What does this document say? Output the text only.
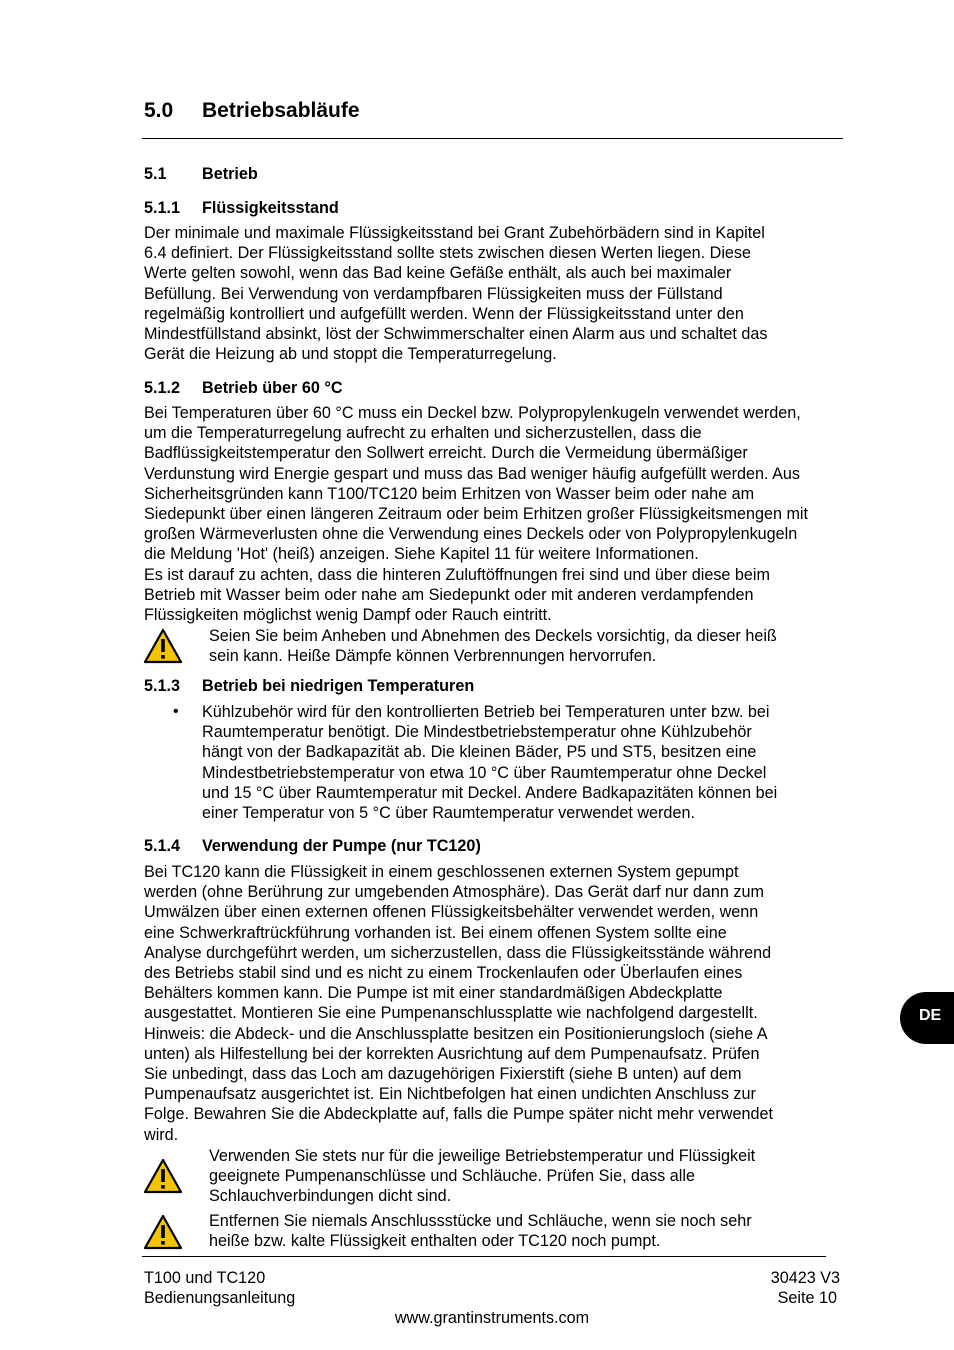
5.0 Betriebsabläufe
5.1 Betrieb
5.1.1 Flüssigkeitsstand
Der minimale und maximale Flüssigkeitsstand bei Grant Zubehörbädern sind in Kapitel
6.4 definiert. Der Flüssigkeitsstand sollte stets zwischen diesen Werten liegen. Diese
Werte gelten sowohl, wenn das Bad keine Gefäße enthält, als auch bei maximaler
Befüllung. Bei Verwendung von verdampfbaren Flüssigkeiten muss der Füllstand
regelmäßig kontrolliert und aufgefüllt werden. Wenn der Flüssigkeitsstand unter den
Mindestfüllstand absinkt, löst der Schwimmerschalter einen Alarm aus und schaltet das
Gerät die Heizung ab und stoppt die Temperaturregelung.
5.1.2 Betrieb über 60 °C
Bei Temperaturen über 60 °C muss ein Deckel bzw. Polypropylenkugeln verwendet werden,
um die Temperaturregelung aufrecht zu erhalten und sicherzustellen, dass die
Badflüssigkeitstemperatur den Sollwert erreicht. Durch die Vermeidung übermäßiger
Verdunstung wird Energie gespart und muss das Bad weniger häufig aufgefüllt werden. Aus
Sicherheitsgründen kann T100/TC120 beim Erhitzen von Wasser beim oder nahe am
Siedepunkt über einen längeren Zeitraum oder beim Erhitzen großer Flüssigkeitsmengen mit
großen Wärmeverlusten ohne die Verwendung eines Deckels oder von Polypropylenkugeln
die Meldung 'Hot' (heiß) anzeigen. Siehe Kapitel 11 für weitere Informationen.
Es ist darauf zu achten, dass die hinteren Zuluftöffnungen frei sind und über diese beim
Betrieb mit Wasser beim oder nahe am Siedepunkt oder mit anderen verdampfenden
Flüssigkeiten möglichst wenig Dampf oder Rauch eintritt.
Seien Sie beim Anheben und Abnehmen des Deckels vorsichtig, da dieser heiß
sein kann. Heiße Dämpfe können Verbrennungen hervorrufen.
5.1.3 Betrieb bei niedrigen Temperaturen
• Kühlzubehör wird für den kontrollierten Betrieb bei Temperaturen unter bzw. bei
Raumtemperatur benötigt. Die Mindestbetriebstemperatur ohne Kühlzubehör
hängt von der Badkapazität ab. Die kleinen Bäder, P5 und ST5, besitzen eine
Mindestbetriebstemperatur von etwa 10 °C über Raumtemperatur ohne Deckel
und 15 °C über Raumtemperatur mit Deckel. Andere Badkapazitäten können bei
einer Temperatur von 5 °C über Raumtemperatur verwendet werden.
5.1.4 Verwendung der Pumpe (nur TC120)
Bei TC120 kann die Flüssigkeit in einem geschlossenen externen System gepumpt
werden (ohne Berührung zur umgebenden Atmosphäre). Das Gerät darf nur dann zum
Umwälzen über einen externen offenen Flüssigkeitsbehälter verwendet werden, wenn
eine Schwerkraftrückführung vorhanden ist. Bei einem offenen System sollte eine
Analyse durchgeführt werden, um sicherzustellen, dass die Flüssigkeitsstände während
des Betriebs stabil sind und es nicht zu einem Trockenlaufen oder Überlaufen eines
Behälters kommen kann. Die Pumpe ist mit einer standardmäßigen Abdeckplatte
ausgestattet. Montieren Sie eine Pumpenanschlussplatte wie nachfolgend dargestellt.
Hinweis: die Abdeck- und die Anschlussplatte besitzen ein Positionierungsloch (siehe A
unten) als Hilfestellung bei der korrekten Ausrichtung auf dem Pumpenaufsatz. Prüfen
Sie unbedingt, dass das Loch am dazugehörigen Fixierstift (siehe B unten) auf dem
Pumpenaufsatz ausgerichtet ist. Ein Nichtbefolgen hat einen undichten Anschluss zur
Folge. Bewahren Sie die Abdeckplatte auf, falls die Pumpe später nicht mehr verwendet
wird.
Verwenden Sie stets nur für die jeweilige Betriebstemperatur und Flüssigkeit
geeignete Pumpenanschlüsse und Schläuche. Prüfen Sie, dass alle
Schlauchverbindungen dicht sind.
Entfernen Sie niemals Anschlussstücke und Schläuche, wenn sie noch sehr
heiße bzw. kalte Flüssigkeit enthalten oder TC120 noch pumpt.
T100 und TC120
Bedienungsanleitung
30423 V3
Seite 10
www.grantinstruments.com
DE
